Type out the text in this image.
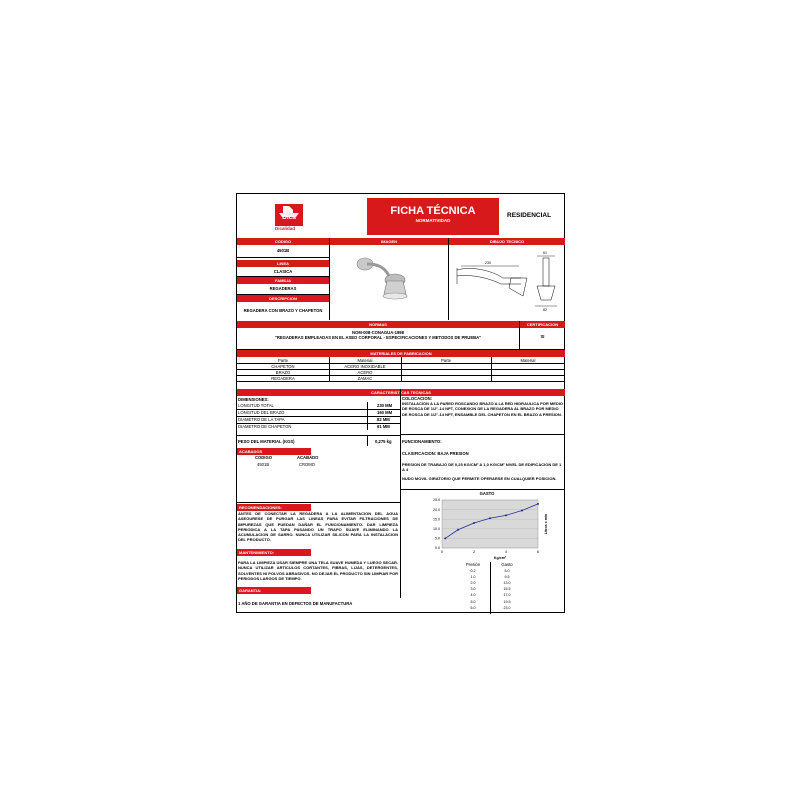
Dica
Dicalidad
FICHA TÉCNICA
NORMATIVIDAD
RESIDENCIAL
CODIGO
4501B
LINEA
CLASICA
FAMILIA
REGADERAS
DESCRIPCION
REGADERA CON BRAZO Y CHAPETON
IMAGEN	DIBUJO TECNICO
230
61
82
NORMAS	CERTIFICACION
NOM-008-CONAGUA-1998
"REGADERAS EMPLEADAS EN EL ASEO CORPORAL - ESPECIFICACIONES Y METODOS DE PRUEBA"	SI
MATERIALES DE FABRICACION
Parte	Material	Parte	Material
CHAPETON	ACERO INOXIDABLE
BRAZO	ACERO
REGADERA	ZAMAC
CARACTERISTICAS TECNICAS
DIMENSIONES:
LONGITUD TOTAL	230 MM
LONGITUD DEL BRAZO	160 MM
DIAMETRO DE LA TAPA	82 MM
DIAMETRO DE CHAPETON	61 MM
PESO DEL MATERIAL (KGS)	0,275 kg
COLOCACION:
INSTALACION A LA PARED ROSCANDO BRAZO A LA RED HIDRAULICA POR MEDIO DE ROSCA DE 1/2"-14 NPT, CONEXION DE LA REGADERA AL BRAZO POR MEDIO DE ROSCA DE 1/2"-14 NPT, ENSAMBLE DEL CHAPETON EN EL BRAZO A PRESION.
FUNCIONAMIENTO:
CLASIFICACION: BAJA PRESION
PRESION DE TRABAJO DE 0,25 KG/CM² A 1,0 KG/CM² NIVEL DE EDIFICACION DE 1 A 4
NUDO MOVIL GIRATORIO QUE PERMITE OPERARSE EN CUALQUIER POSICION.
ACABADOS
CODIGO	ACABADO
4501B	CROMO
RECOMENDACIONES:
ANTES DE CONECTAR LA REGADERA A LA ALIMENTACION DEL AGUA ASEGURESE DE PURGAR LAS LINEAS PARA EVITAR FILTRACIONES DE IMPUREZAS QUE PUEDAN DAÑAR EL FUNCIONAMIENTO. DAR LIMPIEZA PERIODICA A LA TAPA PASANDO UN TRAPO SUAVE ELIMINANDO LA ACUMULACION DE SARRO. NUNCA UTILIZAR SILICON PARA LA INSTALACION DEL PRODUCTO.
MANTENIMIENTO:
PARA LA LIMPIEZA USAR SIEMPRE UNA TELA SUAVE HUMEDA Y LUEGO SECAR. NUNCA UTILIZAR ARTICULOS CORTANTES, FIBRAS, LIJAS, DETERGENTES, SOLVENTES NI POLVOS ABRASIVOS. NO DEJAR EL PRODUCTO SIN LIMPIAR POR PERIODOS LARGOS DE TIEMPO.
GARANTIA:
1 AÑO DE GARANTIA EN DEFECTOS DE MANUFACTURA
GASTO
0.0
5.0
10.0
15.0
20.0
25.0
0	2	4	6
Kg/cm²
Litros x min
Presión	Gasto
0.2	5.0
1.0	9.5
2.0	13.0
3.0	15.5
4.0	17.0
5.0	19.5
6.0	23.0
